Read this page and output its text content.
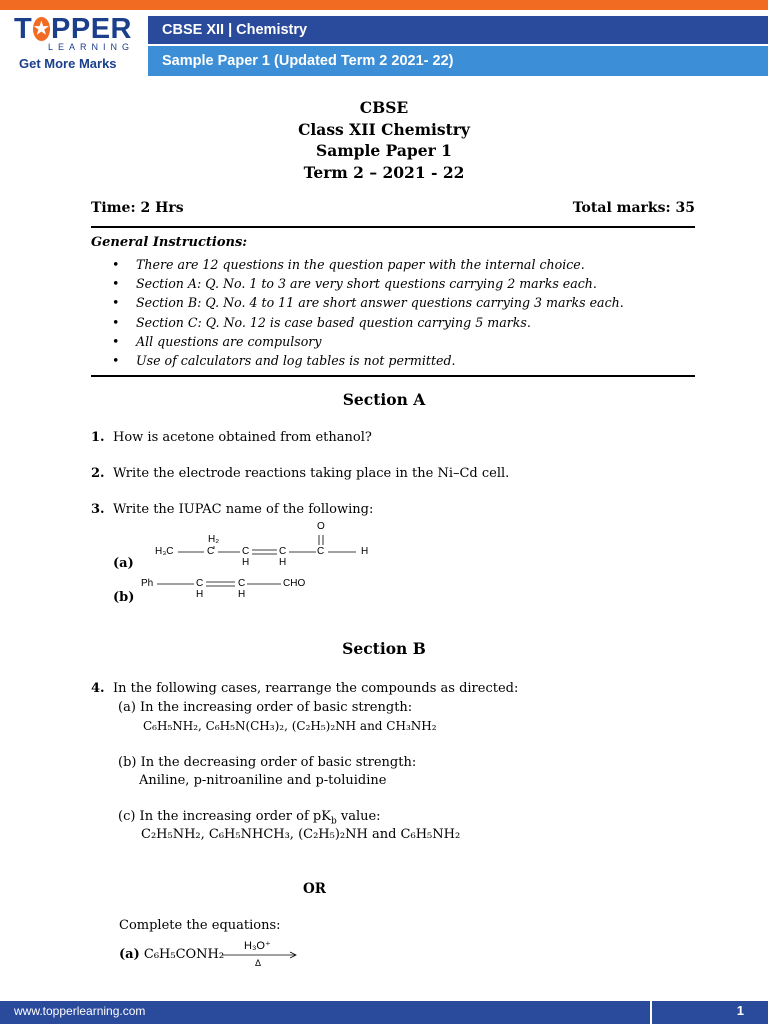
T ★ PPER
LEARNING
Get More Marks
CBSE XII | Chemistry
Sample Paper 1 (Updated Term 2 2021- 22)
CBSE
Class XII Chemistry
Sample Paper 1
Term 2 – 2021 - 22
Time: 2 Hrs	Total marks: 35
General Instructions:
• There are 12 questions in the question paper with the internal choice.
• Section A: Q. No. 1 to 3 are very short questions carrying 2 marks each.
• Section B: Q. No. 4 to 11 are short answer questions carrying 3 marks each.
• Section C: Q. No. 12 is case based question carrying 5 marks.
• All questions are compulsory
• Use of calculators and log tables is not permitted.
Section A
1. How is acetone obtained from ethanol?
2. Write the electrode reactions taking place in the Ni–Cd cell.
3. Write the IUPAC name of the following:
(a)
(b)
H₃C
H₂
C	C
H
C
H
C
O
H
Ph	C
H
C
H
CHO
Section B
4. In the following cases, rearrange the compounds as directed:
(a) In the increasing order of basic strength:
C₆H₅NH₂, C₆H₅N(CH₃)₂, (C₂H₅)₂NH and CH₃NH₂
(b) In the decreasing order of basic strength:
Aniline, p-nitroaniline and p-toluidine
(c) In the increasing order of $pK_b$ value:
C₂H₅NH₂, C₆H₅NHCH₃, (C₂H₅)₂NH and C₆H₅NH₂
OR
Complete the equations:
(a) C₆H₅CONH₂
H₃O⁺
Δ
www.topperlearning.com	1
